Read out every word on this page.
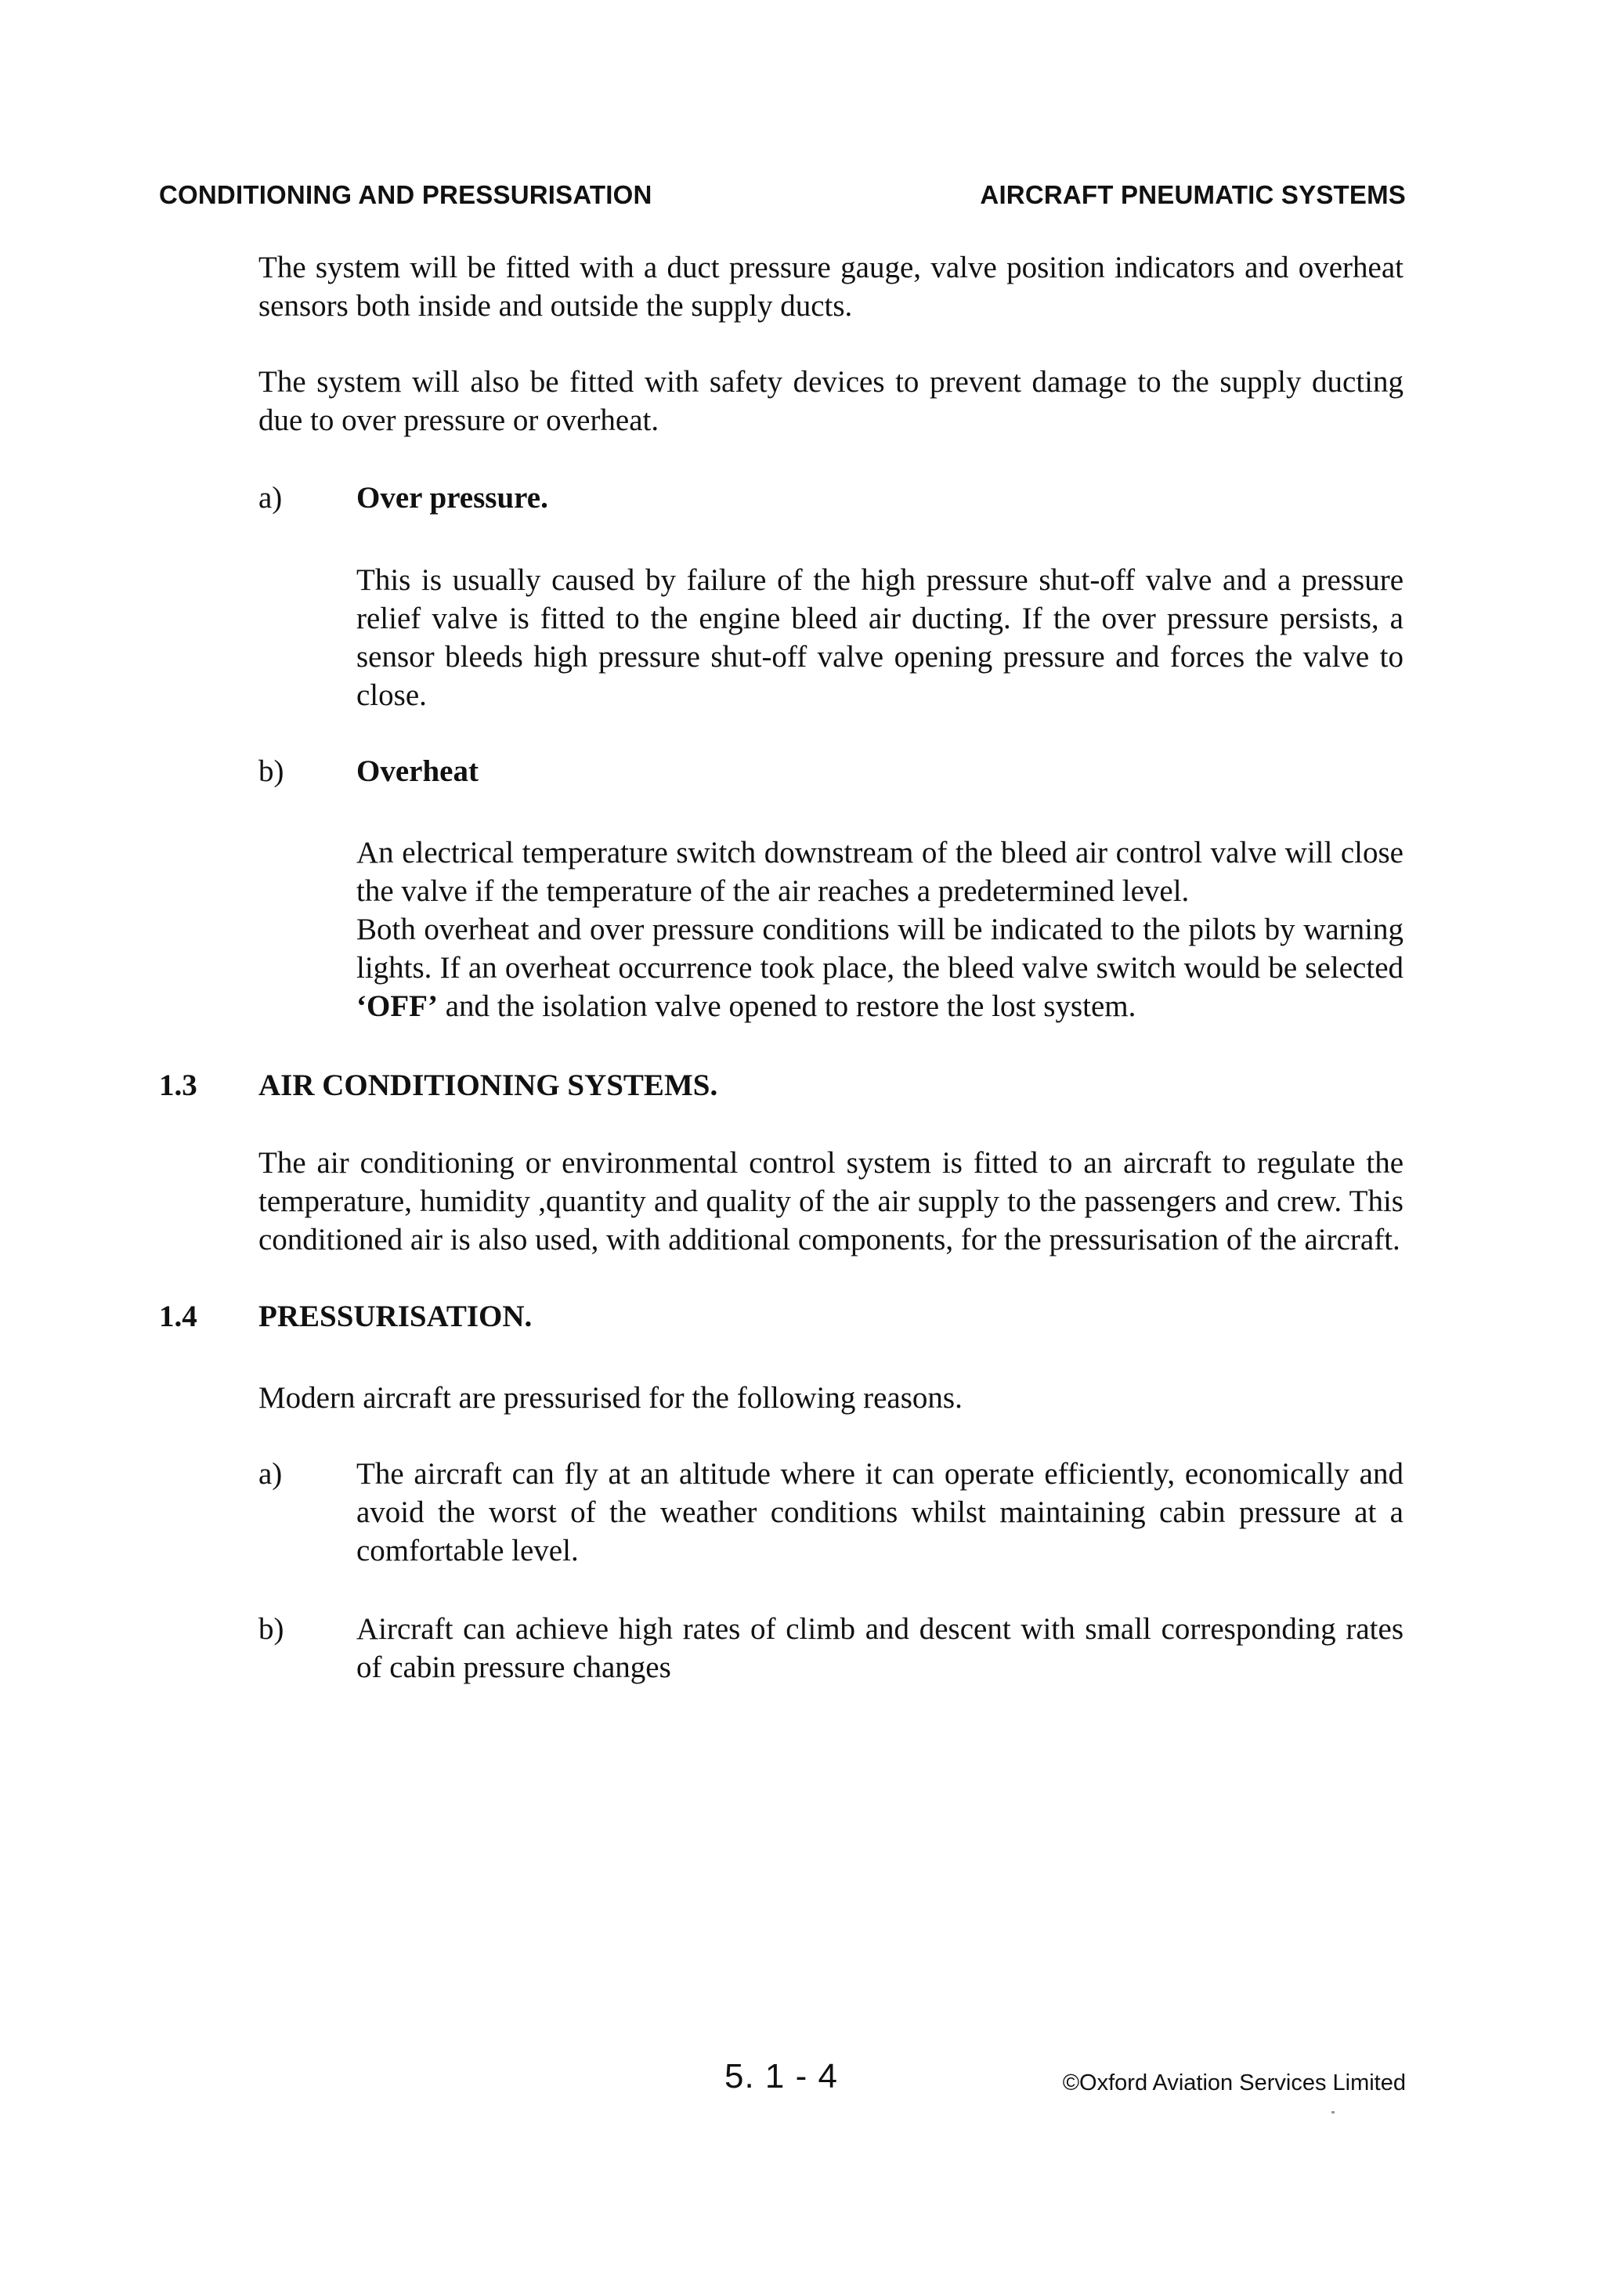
CONDITIONING AND PRESSURISATION	AIRCRAFT PNEUMATIC SYSTEMS

The system will be fitted with a duct pressure gauge, valve position indicators and overheat sensors both inside and outside the supply ducts.

The system will also be fitted with safety devices to prevent damage to the supply ducting due to over pressure or overheat.

a) Over pressure.

This is usually caused by failure of the high pressure shut-off valve and a pressure relief valve is fitted to the engine bleed air ducting. If the over pressure persists, a sensor bleeds high pressure shut-off valve opening pressure and forces the valve to close.

b) Overheat

An electrical temperature switch downstream of the bleed air control valve will close the valve if the temperature of the air reaches a predetermined level.

Both overheat and over pressure conditions will be indicated to the pilots by warning lights. If an overheat occurrence took place, the bleed valve switch would be selected ‘OFF’ and the isolation valve opened to restore the lost system.

1.3 AIR CONDITIONING SYSTEMS.

The air conditioning or environmental control system is fitted to an aircraft to regulate the temperature, humidity ,quantity and quality of the air supply to the passengers and crew. This conditioned air is also used, with additional components, for the pressurisation of the aircraft.

1.4 PRESSURISATION.

Modern aircraft are pressurised for the following reasons.

a) The aircraft can fly at an altitude where it can operate efficiently, economically and avoid the worst of the weather conditions whilst maintaining cabin pressure at a comfortable level.

b) Aircraft can achieve high rates of climb and descent with small corresponding rates of cabin pressure changes

5. 1 - 4	©Oxford Aviation Services Limited
